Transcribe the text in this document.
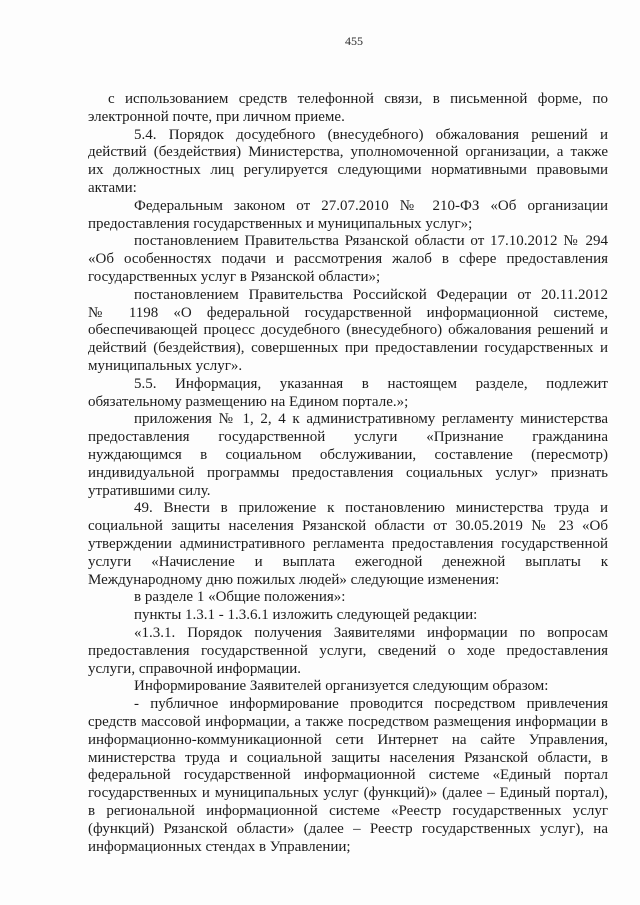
455
с использованием средств телефонной связи, в письменной форме, по
электронной почте, при личном приеме.
5.4. Порядок досудебного (внесудебного) обжалования решений и
действий (бездействия) Министерства, уполномоченной организации, а также
их должностных лиц регулируется следующими нормативными правовыми
актами:
Федеральным законом от 27.07.2010 № 210-ФЗ «Об организации
предоставления государственных и муниципальных услуг»;
постановлением Правительства Рязанской области от 17.10.2012 № 294
«Об особенностях подачи и рассмотрения жалоб в сфере предоставления
государственных услуг в Рязанской области»;
постановлением Правительства Российской Федерации от 20.11.2012
№ 1198 «О федеральной государственной информационной системе,
обеспечивающей процесс досудебного (внесудебного) обжалования решений и
действий (бездействия), совершенных при предоставлении государственных и
муниципальных услуг».
5.5. Информация, указанная в настоящем разделе, подлежит
обязательному размещению на Едином портале.»;
приложения № 1, 2, 4 к административному регламенту министерства
предоставления государственной услуги «Признание гражданина
нуждающимся в социальном обслуживании, составление (пересмотр)
индивидуальной программы предоставления социальных услуг» признать
утратившими силу.
49. Внести в приложение к постановлению министерства труда и
социальной защиты населения Рязанской области от 30.05.2019 № 23 «Об
утверждении административного регламента предоставления государственной
услуги «Начисление и выплата ежегодной денежной выплаты к
Международному дню пожилых людей» следующие изменения:
в разделе 1 «Общие положения»:
пункты 1.3.1 - 1.3.6.1 изложить следующей редакции:
«1.3.1. Порядок получения Заявителями информации по вопросам
предоставления государственной услуги, сведений о ходе предоставления
услуги, справочной информации.
Информирование Заявителей организуется следующим образом:
- публичное информирование проводится посредством привлечения
средств массовой информации, а также посредством размещения информации в
информационно-коммуникационной сети Интернет на сайте Управления,
министерства труда и социальной защиты населения Рязанской области, в
федеральной государственной информационной системе «Единый портал
государственных и муниципальных услуг (функций)» (далее – Единый портал),
в региональной информационной системе «Реестр государственных услуг
(функций) Рязанской области» (далее – Реестр государственных услуг), на
информационных стендах в Управлении;
